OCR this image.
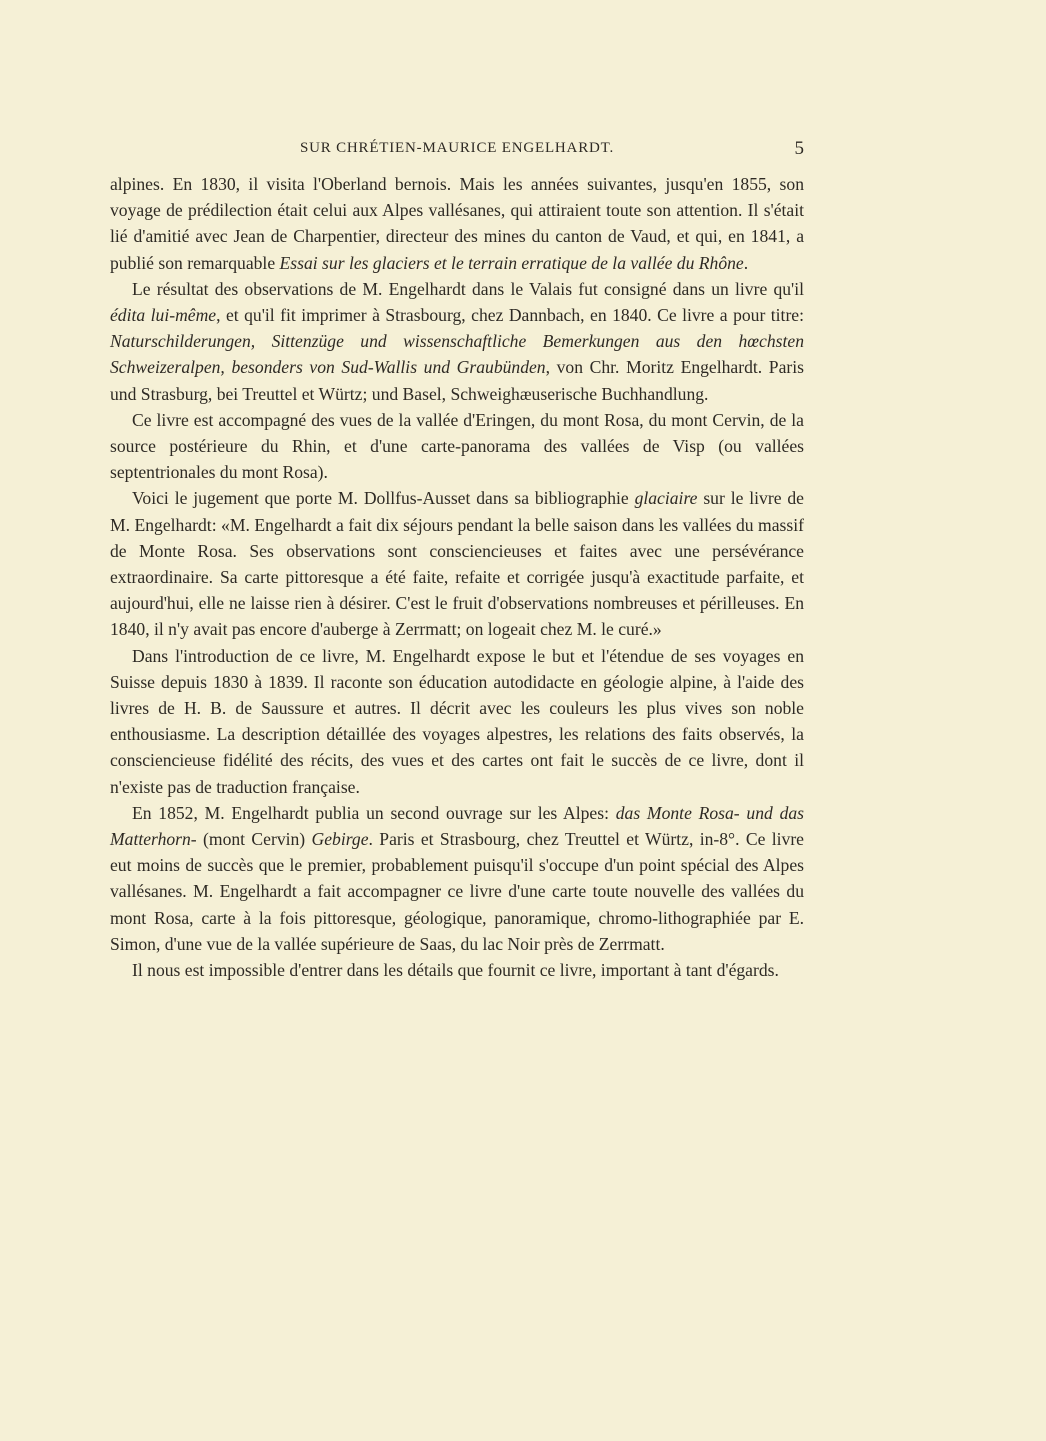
SUR CHRÉTIEN-MAURICE ENGELHARDT.	5

alpines. En 1830, il visita l'Oberland bernois. Mais les années suivantes, jusqu'en 1855, son voyage de prédilection était celui aux Alpes vallésanes, qui attiraient toute son attention. Il s'était lié d'amitié avec Jean de Charpentier, directeur des mines du canton de Vaud, et qui, en 1841, a publié son remarquable Essai sur les glaciers et le terrain erratique de la vallée du Rhône.

Le résultat des observations de M. Engelhardt dans le Valais fut consigné dans un livre qu'il édita lui-même, et qu'il fit imprimer à Strasbourg, chez Dannbach, en 1840. Ce livre a pour titre: Naturschilderungen, Sittenzüge und wissenschaftliche Bemerkungen aus den hœchsten Schweizeralpen, besonders von Sud-Wallis und Graubünden, von Chr. Moritz Engelhardt. Paris und Strasburg, bei Treuttel et Würtz; und Basel, Schweighæuserische Buchhandlung.

Ce livre est accompagné des vues de la vallée d'Eringen, du mont Rosa, du mont Cervin, de la source postérieure du Rhin, et d'une carte-panorama des vallées de Visp (ou vallées septentrionales du mont Rosa).

Voici le jugement que porte M. Dollfus-Ausset dans sa bibliographie glaciaire sur le livre de M. Engelhardt: «M. Engelhardt a fait dix séjours pendant la belle saison dans les vallées du massif de Monte Rosa. Ses observations sont consciencieuses et faites avec une persévérance extraordinaire. Sa carte pittoresque a été faite, refaite et corrigée jusqu'à exactitude parfaite, et aujourd'hui, elle ne laisse rien à désirer. C'est le fruit d'observations nombreuses et périlleuses. En 1840, il n'y avait pas encore d'auberge à Zerrmatt; on logeait chez M. le curé.»

Dans l'introduction de ce livre, M. Engelhardt expose le but et l'étendue de ses voyages en Suisse depuis 1830 à 1839. Il raconte son éducation autodidacte en géologie alpine, à l'aide des livres de H. B. de Saussure et autres. Il décrit avec les couleurs les plus vives son noble enthousiasme. La description détaillée des voyages alpestres, les relations des faits observés, la consciencieuse fidélité des récits, des vues et des cartes ont fait le succès de ce livre, dont il n'existe pas de traduction française.

En 1852, M. Engelhardt publia un second ouvrage sur les Alpes: das Monte Rosa- und das Matterhorn- (mont Cervin) Gebirge. Paris et Strasbourg, chez Treuttel et Würtz, in-8°. Ce livre eut moins de succès que le premier, probablement puisqu'il s'occupe d'un point spécial des Alpes vallésanes. M. Engelhardt a fait accompagner ce livre d'une carte toute nouvelle des vallées du mont Rosa, carte à la fois pittoresque, géologique, panoramique, chromo-lithographiée par E. Simon, d'une vue de la vallée supérieure de Saas, du lac Noir près de Zerrmatt.

Il nous est impossible d'entrer dans les détails que fournit ce livre, important à tant d'égards.
